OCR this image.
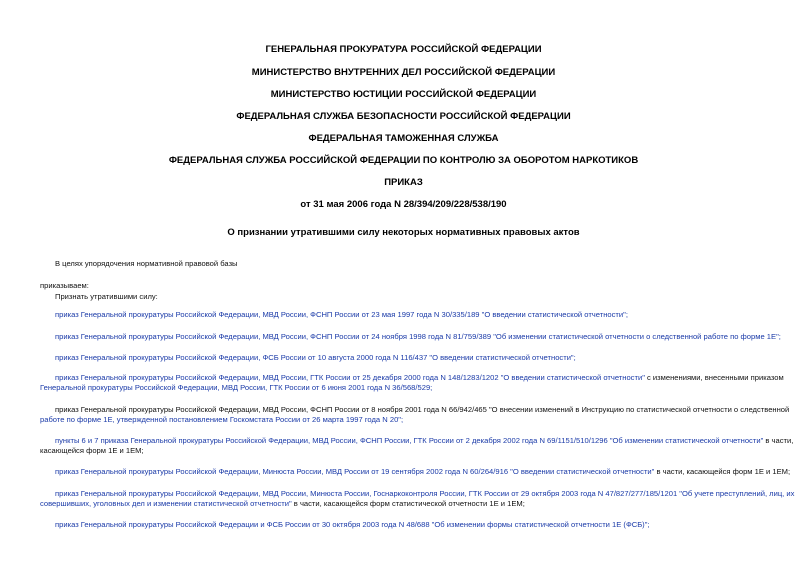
ГЕНЕРАЛЬНАЯ ПРОКУРАТУРА РОССИЙСКОЙ ФЕДЕРАЦИИ
МИНИСТЕРСТВО ВНУТРЕННИХ ДЕЛ РОССИЙСКОЙ ФЕДЕРАЦИИ
МИНИСТЕРСТВО ЮСТИЦИИ РОССИЙСКОЙ ФЕДЕРАЦИИ
ФЕДЕРАЛЬНАЯ СЛУЖБА БЕЗОПАСНОСТИ РОССИЙСКОЙ ФЕДЕРАЦИИ
ФЕДЕРАЛЬНАЯ ТАМОЖЕННАЯ СЛУЖБА
ФЕДЕРАЛЬНАЯ СЛУЖБА РОССИЙСКОЙ ФЕДЕРАЦИИ ПО КОНТРОЛЮ ЗА ОБОРОТОМ НАРКОТИКОВ
ПРИКАЗ
от 31 мая 2006 года N 28/394/209/228/538/190
О признании утратившими силу некоторых нормативных правовых актов
В целях упорядочения нормативной правовой базы
приказываем:
Признать утратившими силу:
приказ Генеральной прокуратуры Российской Федерации, МВД России, ФСНП России от 23 мая 1997 года N 30/335/189 "О введении статистической отчетности";
приказ Генеральной прокуратуры Российской Федерации, МВД России, ФСНП России от 24 ноября 1998 года N 81/759/389 "Об изменении статистической отчетности о следственной работе по форме 1Е";
приказ Генеральной прокуратуры Российской Федерации, ФСБ России от 10 августа 2000 года N 116/437 "О введении статистической отчетности";
приказ Генеральной прокуратуры Российской Федерации, МВД России, ГТК России от 25 декабря 2000 года N 148/1283/1202 "О введении статистической отчетности" с изменениями, внесенными приказом
Генеральной прокуратуры Российской Федерации, МВД России, ГТК России от 6 июня 2001 года N 36/568/529;
приказ Генеральной прокуратуры Российской Федерации, МВД России, ФСНП России от 8 ноября 2001 года N 66/942/465 "О внесении изменений в Инструкцию по статистической отчетности о следственной
работе по форме 1Е, утвержденной постановлением Госкомстата России от 26 марта 1997 года N 20";
пункты 6 и 7 приказа Генеральной прокуратуры Российской Федерации, МВД России, ФСНП России, ГТК России от 2 декабря 2002 года N 69/1151/510/1296 "Об изменении статистической отчетности" в части,
касающейся форм 1Е и 1ЕМ;
приказ Генеральной прокуратуры Российской Федерации, Минюста России, МВД России от 19 сентября 2002 года N 60/264/916 "О введении статистической отчетности" в части, касающейся форм 1Е и 1ЕМ;
приказ Генеральной прокуратуры Российской Федерации, МВД России, Минюста России, Госнаркоконтроля России, ГТК России от 29 октября 2003 года N 47/827/277/185/1201 "Об учете преступлений, лиц, их
совершивших, уголовных дел и изменении статистической отчетности" в части, касающейся форм статистической отчетности 1Е и 1ЕМ;
приказ Генеральной прокуратуры Российской Федерации и ФСБ России от 30 октября 2003 года N 48/688 "Об изменении формы статистической отчетности 1Е (ФСБ)";
